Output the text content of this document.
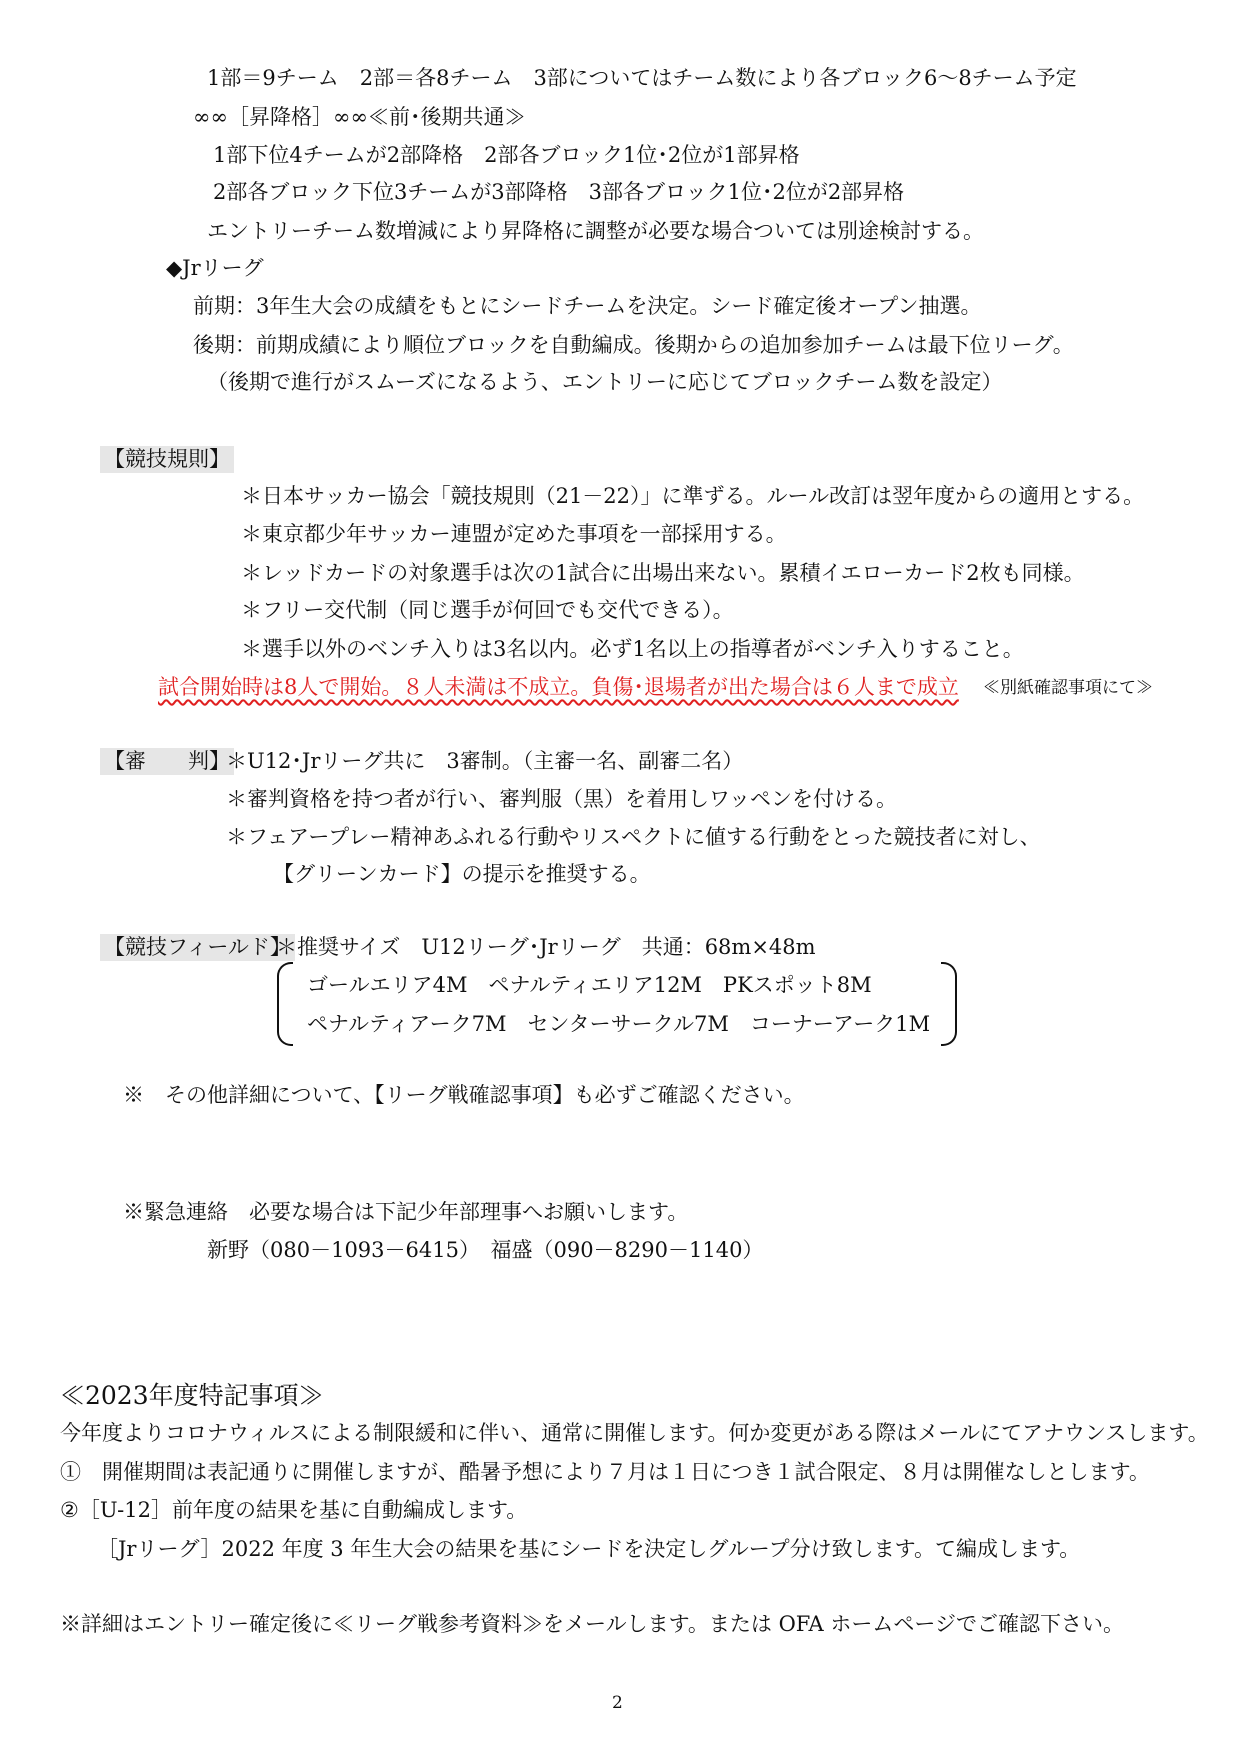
1部＝9チーム　2部＝各8チーム　3部についてはチーム数により各ブロック6～8チーム予定
∞∞［昇降格］∞∞≪前･後期共通≫
1部下位4チームが2部降格　2部各ブロック1位･2位が1部昇格
2部各ブロック下位3チームが3部降格　3部各ブロック1位･2位が2部昇格
エントリーチーム数増減により昇降格に調整が必要な場合ついては別途検討する。
◆Jrリーグ
前期：3年生大会の成績をもとにシードチームを決定。シード確定後オープン抽選。
後期：前期成績により順位ブロックを自動編成。後期からの追加参加チームは最下位リーグ。
（後期で進行がスムーズになるよう、エントリーに応じてブロックチーム数を設定）
【競技規則】
＊日本サッカー協会「競技規則（21－22）」に準ずる。ルール改訂は翌年度からの適用とする。
＊東京都少年サッカー連盟が定めた事項を一部採用する。
＊レッドカードの対象選手は次の1試合に出場出来ない。累積イエローカード2枚も同様。
＊フリー交代制（同じ選手が何回でも交代できる）。
＊選手以外のベンチ入りは3名以内。必ず1名以上の指導者がベンチ入りすること。
試合開始時は8人で開始。８人未満は不成立。負傷･退場者が出た場合は６人まで成立 ≪別紙確認事項にて≫
【審　　判】
＊U12･Jrリーグ共に　3審制。（主審一名、副審二名）
＊審判資格を持つ者が行い、審判服（黒）を着用しワッペンを付ける。
＊フェアープレー精神あふれる行動やリスペクトに値する行動をとった競技者に対し、
【グリーンカード】の提示を推奨する。
【競技フィールド】
＊推奨サイズ　U12リーグ･Jrリーグ　共通：68m×48m
ゴールエリア4M　ペナルティエリア12M　PKスポット8M
ペナルティアーク7M　センターサークル7M　コーナーアーク1M
※　その他詳細について、【リーグ戦確認事項】も必ずご確認ください。
※緊急連絡　必要な場合は下記少年部理事へお願いします。
新野（080－1093－6415）　福盛（090－8290－1140）
≪2023年度特記事項≫
今年度よりコロナウィルスによる制限緩和に伴い、通常に開催します。何か変更がある際はメールにてアナウンスします。
①　開催期間は表記通りに開催しますが、酷暑予想により７月は１日につき１試合限定、８月は開催なしとします。
②［U-12］前年度の結果を基に自動編成します。
［Jrリーグ］2022 年度 3 年生大会の結果を基にシードを決定しグループ分け致します。て編成します。
※詳細はエントリー確定後に≪リーグ戦参考資料≫をメールします。または OFA ホームページでご確認下さい。
2
